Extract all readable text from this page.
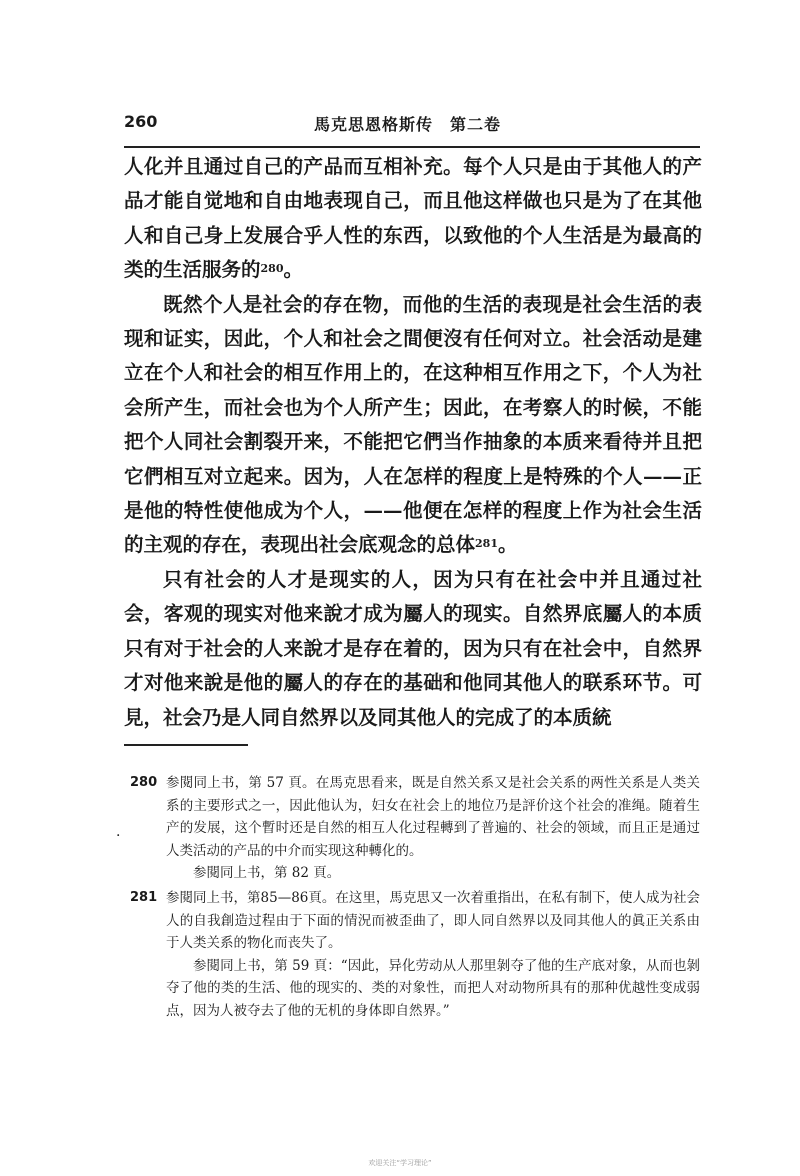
260	馬克思恩格斯传　第二卷

人化并且通过自己的产品而互相补充。每个人只是由于其他人的产品才能自觉地和自由地表现自己，而且他这样做也只是为了在其他人和自己身上发展合乎人性的东西，以致他的个人生活是为最高的类的生活服务的$^{280}$。

既然个人是社会的存在物，而他的生活的表现是社会生活的表现和证实，因此，个人和社会之間便沒有任何对立。社会活动是建立在个人和社会的相互作用上的，在这种相互作用之下，个人为社会所产生，而社会也为个人所产生；因此，在考察人的时候，不能把个人同社会割裂开来，不能把它們当作抽象的本质来看待并且把它們相互对立起来。因为，人在怎样的程度上是特殊的个人——正是他的特性使他成为个人，——他便在怎样的程度上作为社会生活的主观的存在，表现出社会底观念的总体$^{281}$。

只有社会的人才是现实的人，因为只有在社会中并且通过社会，客观的现实对他来說才成为屬人的现实。自然界底屬人的本质只有对于社会的人来說才是存在着的，因为只有在社会中，自然界才对他来說是他的屬人的存在的基础和他同其他人的联系环节。可見，社会乃是人同自然界以及同其他人的完成了的本质統

·
280 参閱同上书，第 57 頁。在馬克思看来，既是自然关系又是社会关系的两性关系是人类关系的主要形式之一，因此他认为，妇女在社会上的地位乃是評价这个社会的准绳。随着生产的发展，这个暫时还是自然的相互人化过程轉到了普遍的、社会的领域，而且正是通过人类活动的产品的中介而实现这种轉化的。

参閱同上书，第 82 頁。

281 参閱同上书，第85—86頁。在这里，馬克思又一次着重指出，在私有制下，使人成为社会人的自我創造过程由于下面的情況而被歪曲了，即人同自然界以及同其他人的眞正关系由于人类关系的物化而丧失了。

参閱同上书，第 59 頁：“因此，异化劳动从人那里剝夺了他的生产底对象，从而也剝夺了他的类的生活、他的现实的、类的对象性，而把人对动物所具有的那种优越性变成弱点，因为人被夺去了他的无机的身体即自然界。”

欢迎关注“学习理论”
